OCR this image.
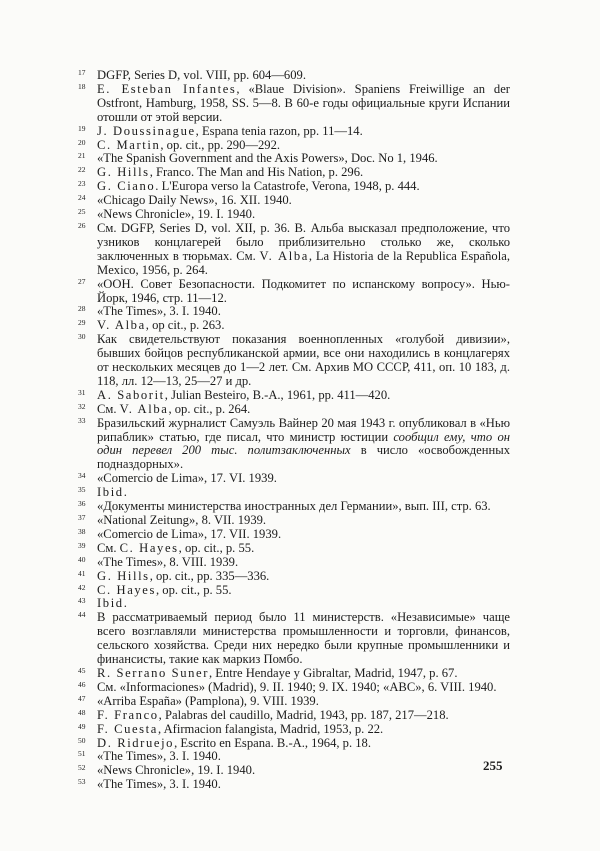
17 DGFP, Series D, vol. VIII, pp. 604—609.
18 E. Esteban Infantes, «Blaue Division». Spaniens Freiwillige an der Ostfront, Hamburg, 1958, SS. 5—8. В 60-е годы официальные круги Испании отошли от этой версии.
19 J. Doussinague, Espana tenia razon, pp. 11—14.
20 C. Martin, op. cit., pp. 290—292.
21 «The Spanish Government and the Axis Powers», Doc. No 1, 1946.
22 G. Hills, Franco. The Man and His Nation, p. 296.
23 G. Ciano. L'Europa verso la Catastrofe, Verona, 1948, p. 444.
24 «Chicago Daily News», 16. XII. 1940.
25 «News Chronicle», 19. I. 1940.
26 См. DGFP, Series D, vol. XII, p. 36. В. Альба высказал предположение, что узников концлагерей было приблизительно столько же, сколько заключенных в тюрьмах. См. V. Alba, La Historia de la Republica Española, Mexico, 1956, p. 264.
27 «ООН. Совет Безопасности. Подкомитет по испанскому вопросу». Нью-Йорк, 1946, стр. 11—12.
28 «The Times», 3. I. 1940.
29 V. Alba, op cit., p. 263.
30 Как свидетельствуют показания военнопленных «голубой дивизии», бывших бойцов республиканской армии, все они находились в концлагерях от нескольких месяцев до 1—2 лет. См. Архив МО СССР, 411, оп. 10 183, д. 118, лл. 12—13, 25—27 и др.
31 A. Saborit, Julian Besteiro, B.-A., 1961, pp. 411—420.
32 См. V. Alba, op. cit., p. 264.
33 Бразильский журналист Самуэль Вайнер 20 мая 1943 г. опубликовал в «Нью рипаблик» статью, где писал, что министр юстиции сообщил ему, что он один перевел 200 тыс. политзаключенных в число «освобожденных подназдорных».
34 «Comercio de Lima», 17. VI. 1939.
35 Ibid.
36 «Документы министерства иностранных дел Германии», вып. III, стр. 63.
37 «National Zeitung», 8. VII. 1939.
38 «Comercio de Lima», 17. VII. 1939.
39 См. C. Hayes, op. cit., p. 55.
40 «The Times», 8. VIII. 1939.
41 G. Hills, op. cit., pp. 335—336.
42 C. Hayes, op. cit., p. 55.
43 Ibid.
44 В рассматриваемый период было 11 министерств. «Независимые» чаще всего возглавляли министерства промышленности и торговли, финансов, сельского хозяйства. Среди них нередко были крупные промышленники и финансисты, такие как маркиз Помбо.
45 R. Serrano Suner, Entre Hendaye y Gibraltar, Madrid, 1947, p. 67.
46 См. «Informaciones» (Madrid), 9. II. 1940; 9. IX. 1940; «ABC», 6. VIII. 1940.
47 «Arriba España» (Pamplona), 9. VIII. 1939.
48 F. Franco, Palabras del caudillo, Madrid, 1943, pp. 187, 217—218.
49 F. Cuesta, Afirmacion falangista, Madrid, 1953, p. 22.
50 D. Ridruejo, Escrito en Espana. B.-A., 1964, p. 18.
51 «The Times», 3. I. 1940.
52 «News Chronicle», 19. I. 1940.
53 «The Times», 3. I. 1940.
255
